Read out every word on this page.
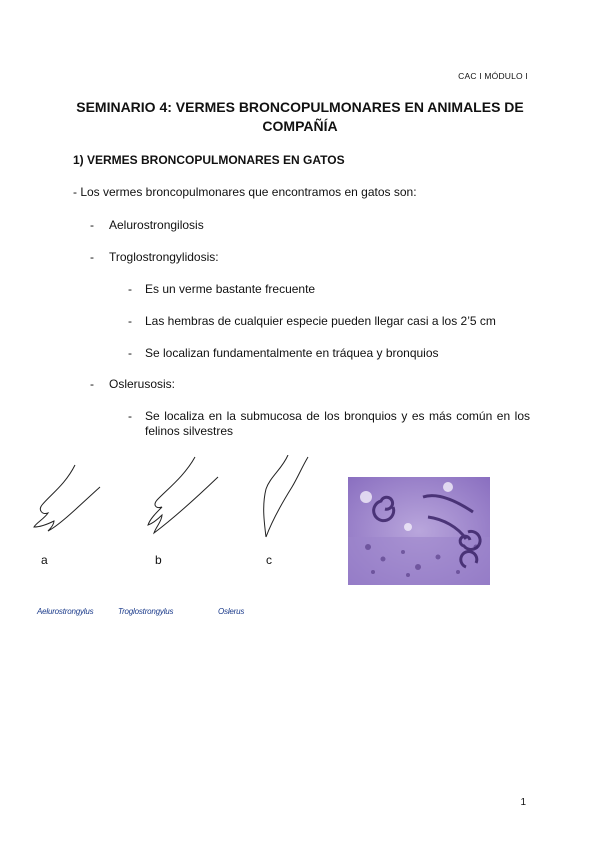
CAC I MÓDULO I
SEMINARIO 4: VERMES BRONCOPULMONARES EN ANIMALES DE COMPAÑÍA
1) VERMES BRONCOPULMONARES EN GATOS
- Los vermes broncopulmonares que encontramos en gatos son:
- Aelurostrongilosis
- Troglostrongylidosis:
- Es un verme bastante frecuente
- Las hembras de cualquier especie pueden llegar casi a los 2’5 cm
- Se localizan fundamentalmente en tráquea y bronquios
- Oslerusosis:
- Se localiza en la submucosa de los bronquios y es más común en los felinos silvestres
a	b	c
Aelurostrongylus	Troglostrongylus	Oslerus
1
